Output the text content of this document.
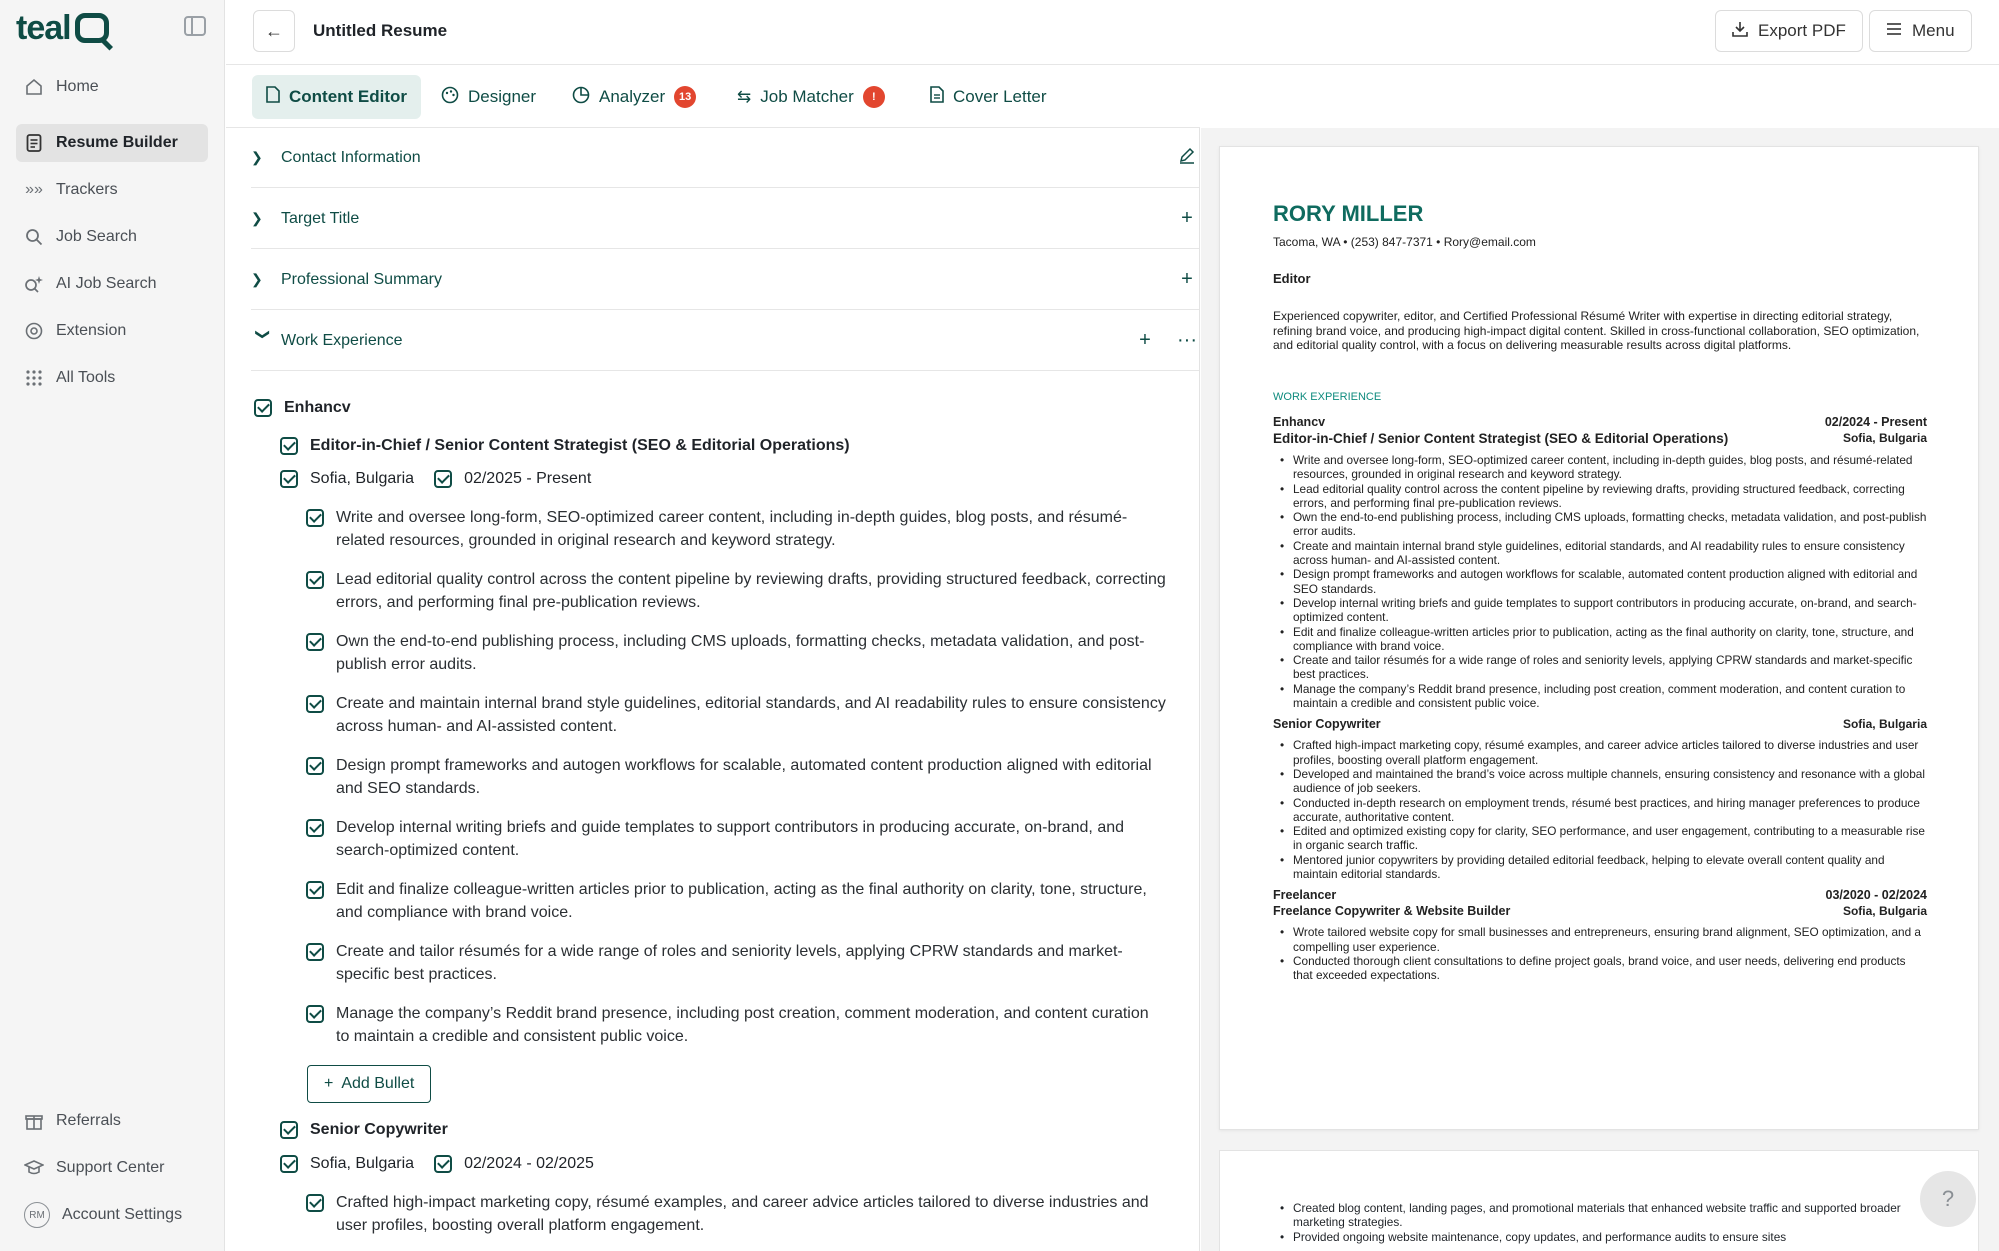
teal
Home
Resume Builder
»» Trackers
Job Search
AI Job Search
Extension
All Tools
Referrals
Support Center
RM	Account Settings
← Untitled Resume	Export PDF	Menu
Content Editor	Designer	Analyzer	13	⇆ Job Matcher	!	Cover Letter
❯	Contact Information
❯	Target Title	+
❯	Professional Summary	+
❯ Work Experience	+	···
Enhancv
Editor-in-Chief / Senior Content Strategist (SEO & Editorial Operations)
Sofia, Bulgaria	02/2025 - Present
Write and oversee long-form, SEO-optimized career content, including in-depth guides, blog posts, and résumé-related resources, grounded in original research and keyword strategy.
Lead editorial quality control across the content pipeline by reviewing drafts, providing structured feedback, correcting errors, and performing final pre-publication reviews.
Own the end-to-end publishing process, including CMS uploads, formatting checks, metadata validation, and post-publish error audits.
Create and maintain internal brand style guidelines, editorial standards, and AI readability rules to ensure consistency across human- and AI-assisted content.
Design prompt frameworks and autogen workflows for scalable, automated content production aligned with editorial and SEO standards.
Develop internal writing briefs and guide templates to support contributors in producing accurate, on-brand, and search-optimized content.
Edit and finalize colleague-written articles prior to publication, acting as the final authority on clarity, tone, structure, and compliance with brand voice.
Create and tailor résumés for a wide range of roles and seniority levels, applying CPRW standards and market-specific best practices.
Manage the company’s Reddit brand presence, including post creation, comment moderation, and content curation to maintain a credible and consistent public voice.
+ Add Bullet
Senior Copywriter
Sofia, Bulgaria	02/2024 - 02/2025
Crafted high-impact marketing copy, résumé examples, and career advice articles tailored to diverse industries and user profiles, boosting overall platform engagement.
RORY MILLER
Tacoma, WA • (253) 847-7371 • Rory@email.com
Editor
Experienced copywriter, editor, and Certified Professional Résumé Writer with expertise in directing editorial strategy, refining brand voice, and producing high-impact digital content. Skilled in cross-functional collaboration, SEO optimization, and editorial quality control, with a focus on delivering measurable results across digital platforms.
WORK EXPERIENCE
Enhancv	02/2024 - Present
Editor-in-Chief / Senior Content Strategist (SEO & Editorial Operations)	Sofia, Bulgaria
• Write and oversee long-form, SEO-optimized career content, including in-depth guides, blog posts, and résumé-related resources, grounded in original research and keyword strategy.
• Lead editorial quality control across the content pipeline by reviewing drafts, providing structured feedback, correcting errors, and performing final pre-publication reviews.
• Own the end-to-end publishing process, including CMS uploads, formatting checks, metadata validation, and post-publish error audits.
• Create and maintain internal brand style guidelines, editorial standards, and AI readability rules to ensure consistency across human- and AI-assisted content.
• Design prompt frameworks and autogen workflows for scalable, automated content production aligned with editorial and SEO standards.
• Develop internal writing briefs and guide templates to support contributors in producing accurate, on-brand, and search-optimized content.
• Edit and finalize colleague-written articles prior to publication, acting as the final authority on clarity, tone, structure, and compliance with brand voice.
• Create and tailor résumés for a wide range of roles and seniority levels, applying CPRW standards and market-specific best practices.
• Manage the company’s Reddit brand presence, including post creation, comment moderation, and content curation to maintain a credible and consistent public voice.
Senior Copywriter	Sofia, Bulgaria
• Crafted high-impact marketing copy, résumé examples, and career advice articles tailored to diverse industries and user profiles, boosting overall platform engagement.
• Developed and maintained the brand’s voice across multiple channels, ensuring consistency and resonance with a global audience of job seekers.
• Conducted in-depth research on employment trends, résumé best practices, and hiring manager preferences to produce accurate, authoritative content.
• Edited and optimized existing copy for clarity, SEO performance, and user engagement, contributing to a measurable rise in organic search traffic.
• Mentored junior copywriters by providing detailed editorial feedback, helping to elevate overall content quality and maintain editorial standards.
Freelancer	03/2020 - 02/2024
Freelance Copywriter & Website Builder	Sofia, Bulgaria
• Wrote tailored website copy for small businesses and entrepreneurs, ensuring brand alignment, SEO optimization, and a compelling user experience.
• Conducted thorough client consultations to define project goals, brand voice, and user needs, delivering end products that exceeded expectations.
• Created blog content, landing pages, and promotional materials that enhanced website traffic and supported broader marketing strategies.
• Provided ongoing website maintenance, copy updates, and performance audits to ensure sites
?
